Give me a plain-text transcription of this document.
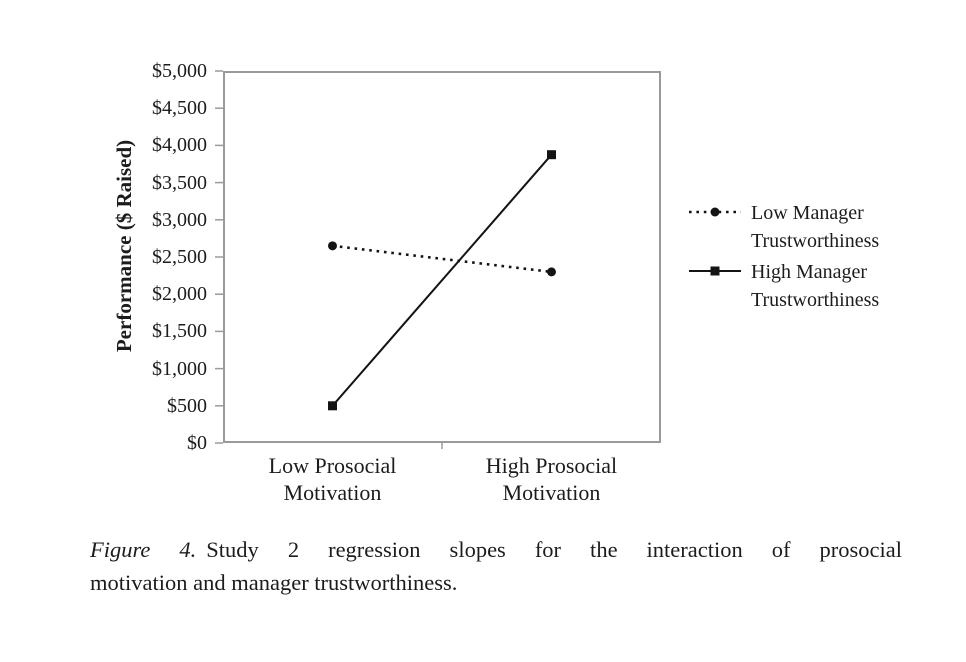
Performance ($ Raised)
$0
$500
$1,000
$1,500
$2,000
$2,500
$3,000
$3,500
$4,000
$4,500
$5,000
Low Prosocial
Motivation
High Prosocial
Motivation
Low Manager
Trustworthiness
High Manager
Trustworthiness
Figure 4. Study 2 regression slopes for the interaction of prosocial
motivation and manager trustworthiness.
